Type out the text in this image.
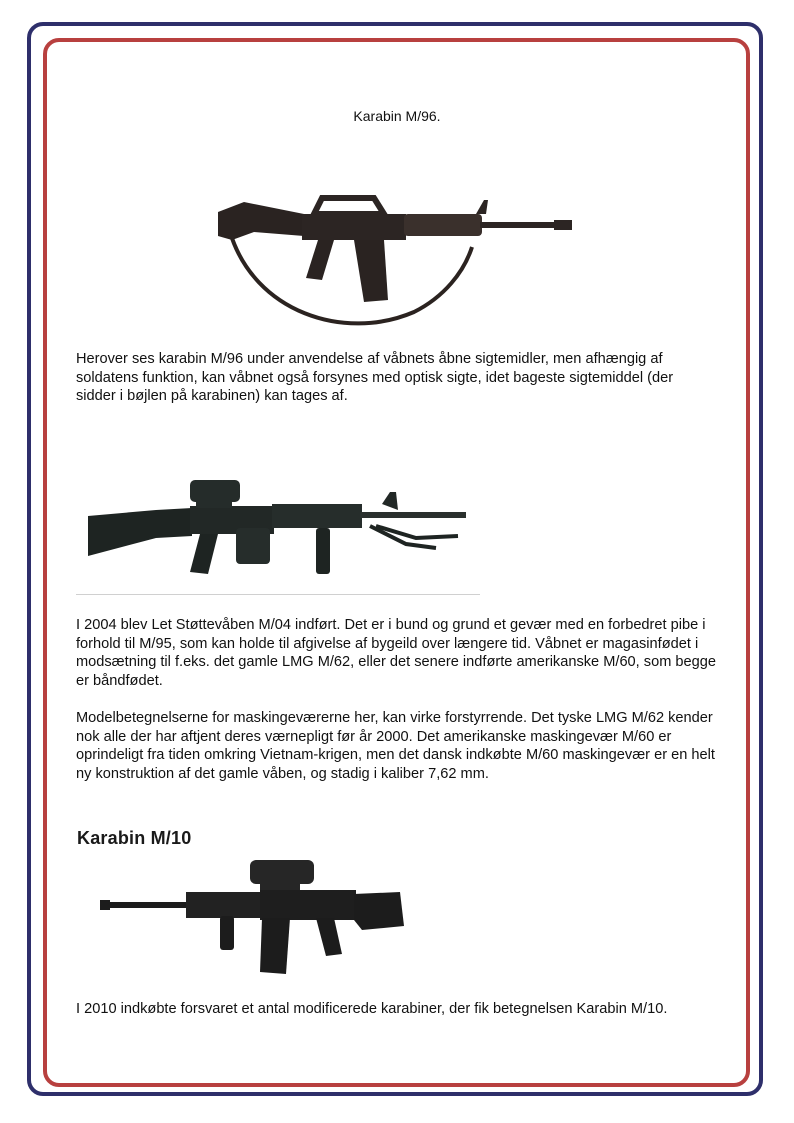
Karabin M/96.

Herover ses karabin M/96 under anvendelse af våbnets åbne sigtemidler, men afhængig af soldatens funktion, kan våbnet også forsynes med optisk sigte, idet bageste sigtemiddel (der sidder i bøjlen på karabinen) kan tages af.

I 2004 blev Let Støttevåben M/04 indført. Det er i bund og grund et gevær med en forbedret pibe i forhold til M/95, som kan holde til afgivelse af bygeild over længere tid. Våbnet er magasinfødet i modsætning til f.eks. det gamle LMG M/62, eller det senere indførte amerikanske M/60, som begge er båndfødet.

Modelbetegnelserne for maskingeværerne her, kan virke forstyrrende. Det tyske LMG M/62 kender nok alle der har aftjent deres værnepligt før år 2000. Det amerikanske maskingevær M/60 er oprindeligt fra tiden omkring Vietnam-krigen, men det dansk indkøbte M/60 maskingevær er en helt ny konstruktion af det gamle våben, og stadig i kaliber 7,62 mm.

Karabin M/10

I 2010 indkøbte forsvaret et antal modificerede karabiner, der fik betegnelsen Karabin M/10.
